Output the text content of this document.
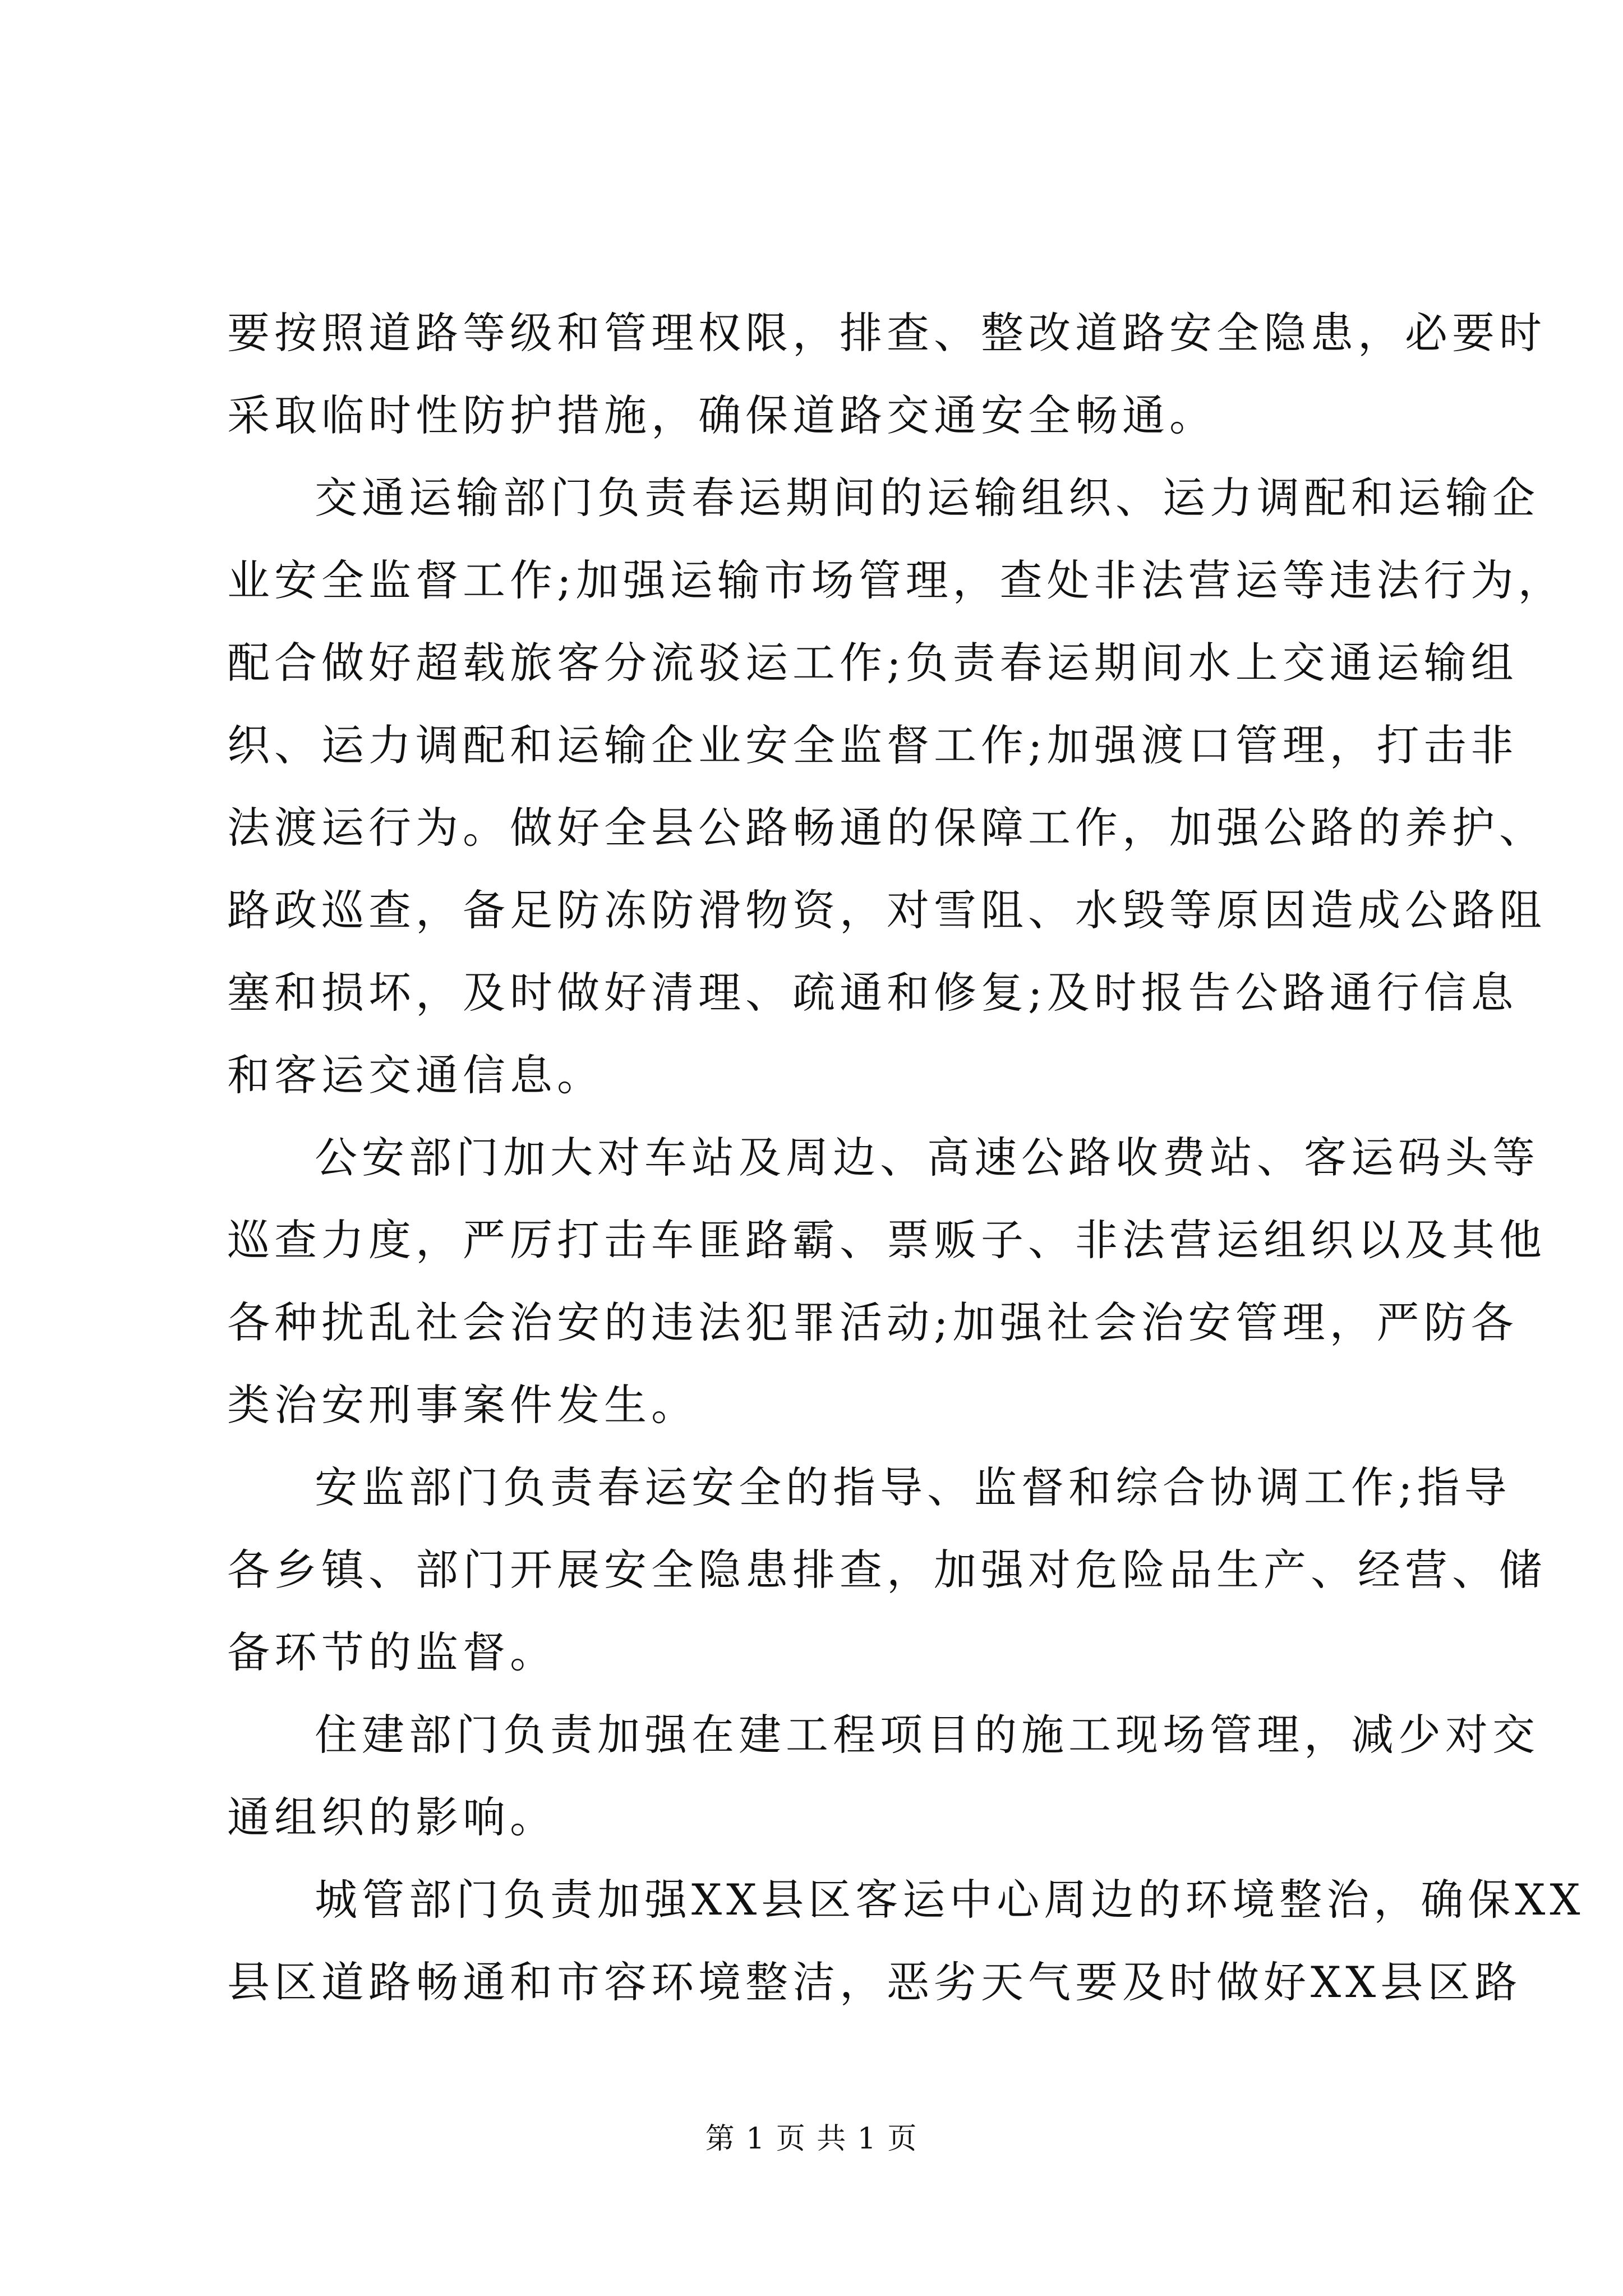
要按照道路等级和管理权限，排查、整改道路安全隐患，必要时
采取临时性防护措施，确保道路交通安全畅通。
交通运输部门负责春运期间的运输组织、运力调配和运输企
业安全监督工作;加强运输市场管理，查处非法营运等违法行为，
配合做好超载旅客分流驳运工作;负责春运期间水上交通运输组
织、运力调配和运输企业安全监督工作;加强渡口管理，打击非
法渡运行为。做好全县公路畅通的保障工作，加强公路的养护、
路政巡查，备足防冻防滑物资，对雪阻、水毁等原因造成公路阻
塞和损坏，及时做好清理、疏通和修复;及时报告公路通行信息
和客运交通信息。
公安部门加大对车站及周边、高速公路收费站、客运码头等
巡查力度，严厉打击车匪路霸、票贩子、非法营运组织以及其他
各种扰乱社会治安的违法犯罪活动;加强社会治安管理，严防各
类治安刑事案件发生。
安监部门负责春运安全的指导、监督和综合协调工作;指导
各乡镇、部门开展安全隐患排查，加强对危险品生产、经营、储
备环节的监督。
住建部门负责加强在建工程项目的施工现场管理，减少对交
通组织的影响。
城管部门负责加强XX县区客运中心周边的环境整治，确保XX
县区道路畅通和市容环境整洁，恶劣天气要及时做好XX县区路
第 1 页 共 1 页
